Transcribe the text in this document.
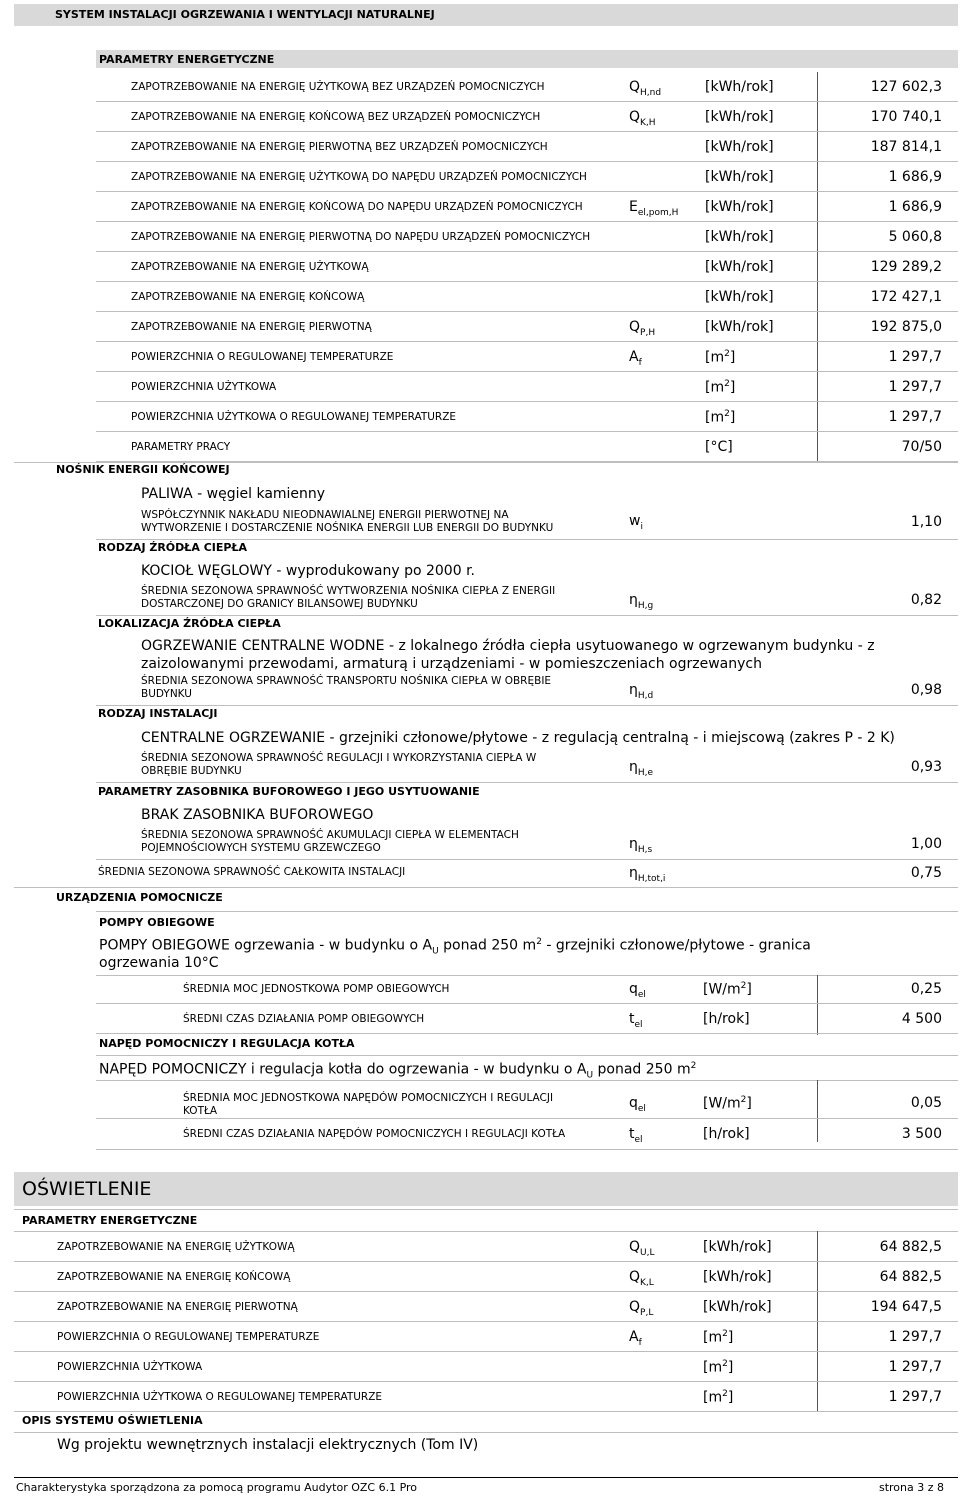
SYSTEM INSTALACJI OGRZEWANIA I WENTYLACJI NATURALNEJ
PARAMETRY ENERGETYCZNE
ZAPOTRZEBOWANIE NA ENERGIĘ UŻYTKOWĄ BEZ URZĄDZEŃ POMOCNICZYCH	$Q_{H,nd}$	[kWh/rok]	127 602,3
ZAPOTRZEBOWANIE NA ENERGIĘ KOŃCOWĄ BEZ URZĄDZEŃ POMOCNICZYCH	$Q_{K,H}$	[kWh/rok]	170 740,1
ZAPOTRZEBOWANIE NA ENERGIĘ PIERWOTNĄ BEZ URZĄDZEŃ POMOCNICZYCH	[kWh/rok]	187 814,1
ZAPOTRZEBOWANIE NA ENERGIĘ UŻYTKOWĄ DO NAPĘDU URZĄDZEŃ POMOCNICZYCH	[kWh/rok]	1 686,9
ZAPOTRZEBOWANIE NA ENERGIĘ KOŃCOWĄ DO NAPĘDU URZĄDZEŃ POMOCNICZYCH	$E_{el,pom,H}$ [kWh/rok]	1 686,9
ZAPOTRZEBOWANIE NA ENERGIĘ PIERWOTNĄ DO NAPĘDU URZĄDZEŃ POMOCNICZYCH	[kWh/rok]	5 060,8
ZAPOTRZEBOWANIE NA ENERGIĘ UŻYTKOWĄ	[kWh/rok]	129 289,2
ZAPOTRZEBOWANIE NA ENERGIĘ KOŃCOWĄ	[kWh/rok]	172 427,1
ZAPOTRZEBOWANIE NA ENERGIĘ PIERWOTNĄ	$Q_{P,H}$	[kWh/rok]	192 875,0
POWIERZCHNIA O REGULOWANEJ TEMPERATURZE	$A_f$	$[m^2]$	1 297,7
POWIERZCHNIA UŻYTKOWA	$[m^2]$	1 297,7
POWIERZCHNIA UŻYTKOWA O REGULOWANEJ TEMPERATURZE	$[m^2]$	1 297,7
PARAMETRY PRACY	[°C]	70/50
NOŚNIK ENERGII KOŃCOWEJ
PALIWA - węgiel kamienny
WSPÓŁCZYNNIK NAKŁADU NIEODNAWIALNEJ ENERGII PIERWOTNEJ NA WYTWORZENIE I DOSTARCZENIE NOŚNIKA ENERGII LUB ENERGII DO BUDYNKU	$w_i$	1,10
RODZAJ ŹRÓDŁA CIEPŁA
KOCIOŁ WĘGLOWY - wyprodukowany po 2000 r.
ŚREDNIA SEZONOWA SPRAWNOŚĆ WYTWORZENIA NOŚNIKA CIEPŁA Z ENERGII DOSTARCZONEJ DO GRANICY BILANSOWEJ BUDYNKU	$\eta_{H,g}$	0,82
LOKALIZACJA ŹRÓDŁA CIEPŁA
OGRZEWANIE CENTRALNE WODNE - z lokalnego źródła ciepła usytuowanego w ogrzewanym budynku - z zaizolowanymi przewodami, armaturą i urządzeniami - w pomieszczeniach ogrzewanych
ŚREDNIA SEZONOWA SPRAWNOŚĆ TRANSPORTU NOŚNIKA CIEPŁA W OBRĘBIE BUDYNKU	$\eta_{H,d}$	0,98
RODZAJ INSTALACJI
CENTRALNE OGRZEWANIE - grzejniki członowe/płytowe - z regulacją centralną - i miejscową (zakres P - 2 K)
ŚREDNIA SEZONOWA SPRAWNOŚĆ REGULACJI I WYKORZYSTANIA CIEPŁA W OBRĘBIE BUDYNKU	$\eta_{H,e}$	0,93
PARAMETRY ZASOBNIKA BUFOROWEGO I JEGO USYTUOWANIE
BRAK ZASOBNIKA BUFOROWEGO
ŚREDNIA SEZONOWA SPRAWNOŚĆ AKUMULACJI CIEPŁA W ELEMENTACH POJEMNOŚCIOWYCH SYSTEMU GRZEWCZEGO	$\eta_{H,s}$	1,00
ŚREDNIA SEZONOWA SPRAWNOŚĆ CAŁKOWITA INSTALACJI	$\eta_{H,tot,i}$	0,75
URZĄDZENIA POMOCNICZE
POMPY OBIEGOWE
POMPY OBIEGOWE ogrzewania - w budynku o $A_U$ ponad 250 $m^2$ - grzejniki członowe/płytowe - granica
ogrzewania 10°C
ŚREDNIA MOC JEDNOSTKOWA POMP OBIEGOWYCH	$q_{el}$	$[W/m^2]$	0,25
ŚREDNI CZAS DZIAŁANIA POMP OBIEGOWYCH	$t_{el}$	[h/rok]	4 500
NAPĘD POMOCNICZY I REGULACJA KOTŁA
NAPĘD POMOCNICZY i regulacja kotła do ogrzewania - w budynku o $A_U$ ponad 250 $m^2$
ŚREDNIA MOC JEDNOSTKOWA NAPĘDÓW POMOCNICZYCH I REGULACJI KOTŁA	$q_{el}$	$[W/m^2]$	0,05
ŚREDNI CZAS DZIAŁANIA NAPĘDÓW POMOCNICZYCH I REGULACJI KOTŁA	$t_{el}$	[h/rok]	3 500
OŚWIETLENIE
PARAMETRY ENERGETYCZNE
ZAPOTRZEBOWANIE NA ENERGIĘ UŻYTKOWĄ	$Q_{U,L}$	[kWh/rok]	64 882,5
ZAPOTRZEBOWANIE NA ENERGIĘ KOŃCOWĄ	$Q_{K,L}$	[kWh/rok]	64 882,5
ZAPOTRZEBOWANIE NA ENERGIĘ PIERWOTNĄ	$Q_{P,L}$	[kWh/rok]	194 647,5
POWIERZCHNIA O REGULOWANEJ TEMPERATURZE	$A_f$	$[m^2]$	1 297,7
POWIERZCHNIA UŻYTKOWA	$[m^2]$	1 297,7
POWIERZCHNIA UŻYTKOWA O REGULOWANEJ TEMPERATURZE	$[m^2]$	1 297,7
OPIS SYSTEMU OŚWIETLENIA
Wg projektu wewnętrznych instalacji elektrycznych (Tom IV)
Charakterystyka sporządzona za pomocą programu Audytor OZC 6.1 Pro	strona 3 z 8
